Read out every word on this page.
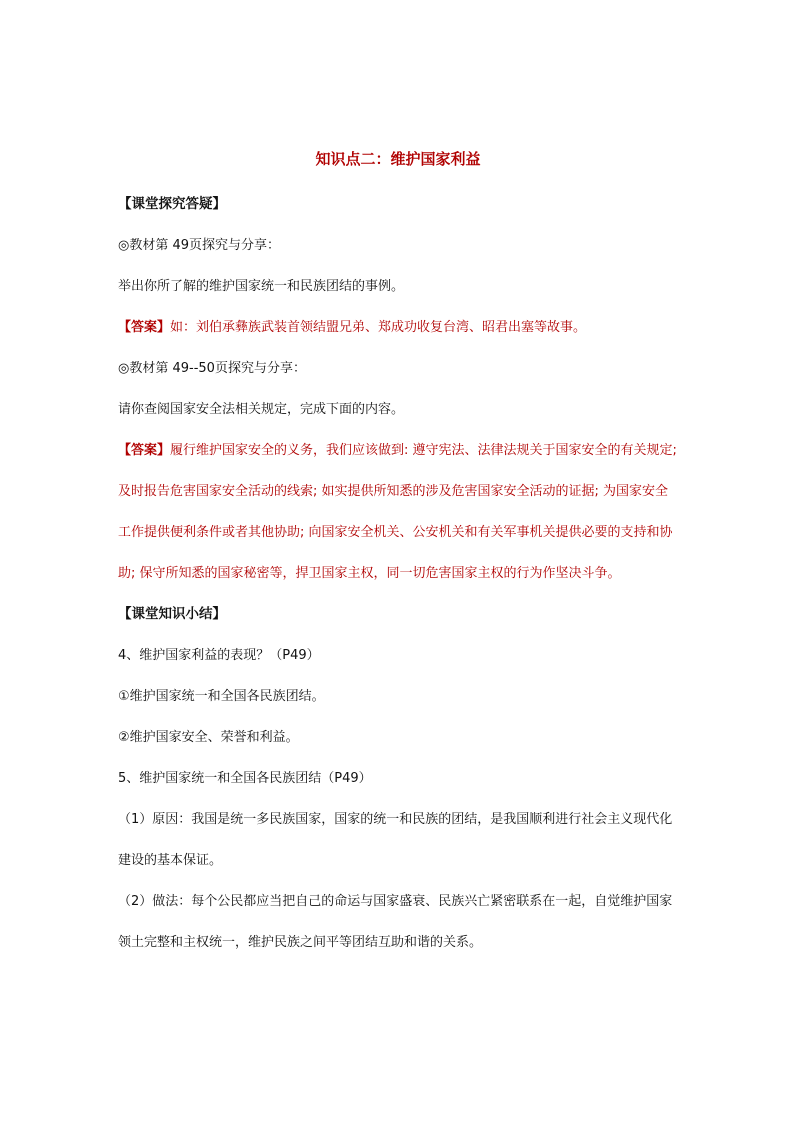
知识点二：维护国家利益
【课堂探究答疑】
◎教材第 49页探究与分享：
举出你所了解的维护国家统一和民族团结的事例。
【答案】如：刘伯承彝族武装首领结盟兄弟、郑成功收复台湾、昭君出塞等故事。
◎教材第 49--50页探究与分享：
请你查阅国家安全法相关规定，完成下面的内容。
【答案】履行维护国家安全的义务，我们应该做到: 遵守宪法、法律法规关于国家安全的有关规定; 及时报告危害国家安全活动的线索; 如实提供所知悉的涉及危害国家安全活动的证据; 为国家安全工作提供便利条件或者其他协助; 向国家安全机关、公安机关和有关军事机关提供必要的支持和协助; 保守所知悉的国家秘密等，捍卫国家主权，同一切危害国家主权的行为作坚决斗争。
【课堂知识小结】
4、维护国家利益的表现？（P49）
①维护国家统一和全国各民族团结。
②维护国家安全、荣誉和利益。
5、维护国家统一和全国各民族团结（P49）
（1）原因：我国是统一多民族国家，国家的统一和民族的团结，是我国顺利进行社会主义现代化建设的基本保证。
（2）做法：每个公民都应当把自己的命运与国家盛衰、民族兴亡紧密联系在一起，自觉维护国家领土完整和主权统一，维护民族之间平等团结互助和谐的关系。
